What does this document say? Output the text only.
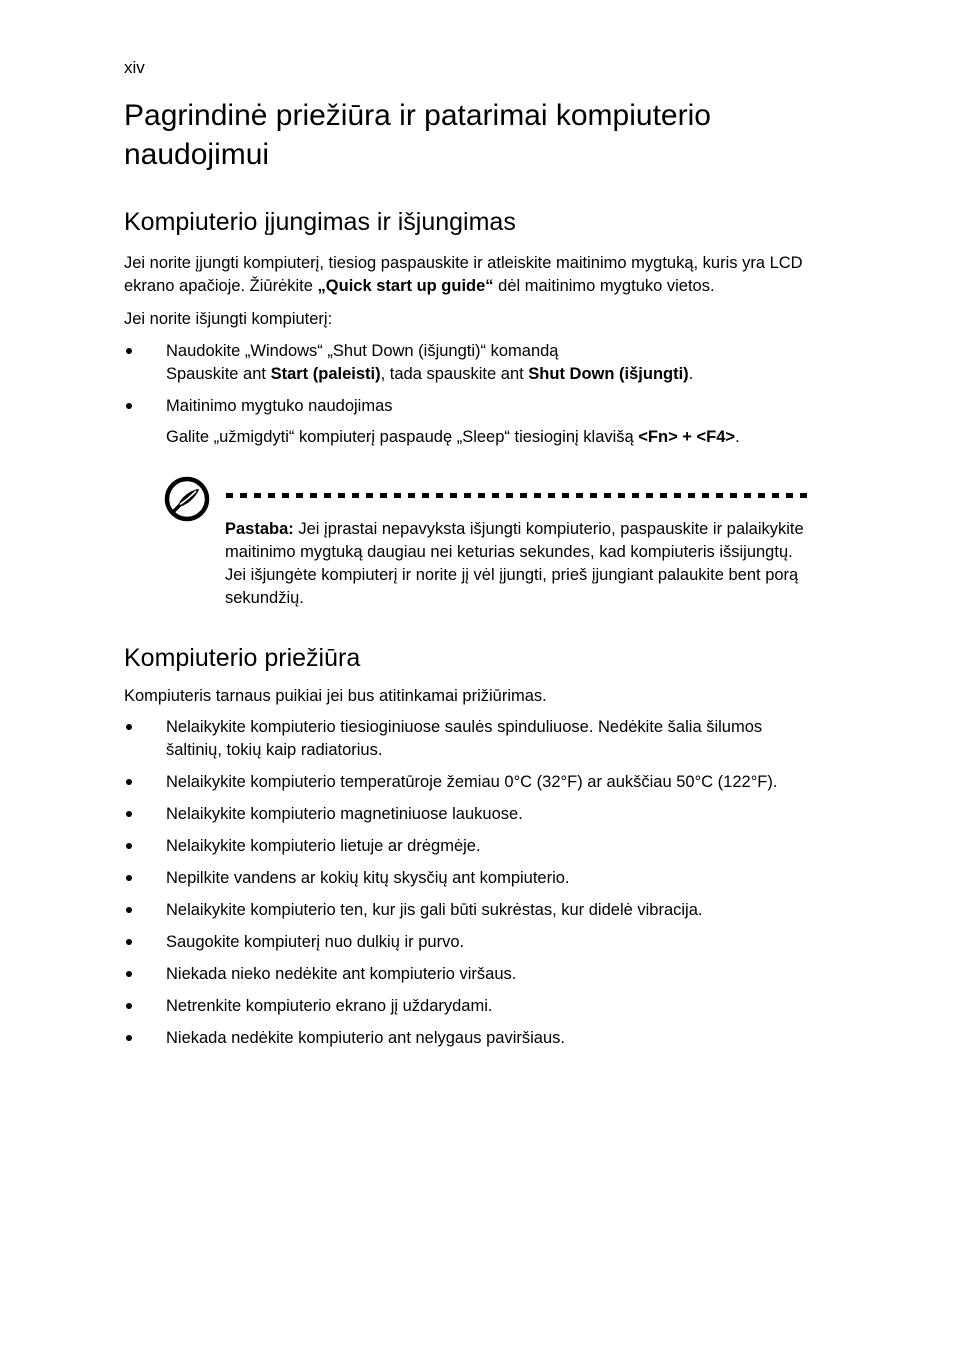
xiv
Pagrindinė priežiūra ir patarimai kompiuterio naudojimui
Kompiuterio įjungimas ir išjungimas

Jei norite įjungti kompiuterį, tiesiog paspauskite ir atleiskite maitinimo mygtuką, kuris yra LCD ekrano apačioje. Žiūrėkite „Quick start up guide“ dėl maitinimo mygtuko vietos.

Jei norite išjungti kompiuterį:

Naudokite „Windows“ „Shut Down (išjungti)“ komandą
Spauskite ant Start (paleisti), tada spauskite ant Shut Down (išjungti).
Maitinimo mygtuko naudojimas
Galite „užmigdyti“ kompiuterį paspaudę „Sleep“ tiesioginį klavišą <Fn> + <F4>.

Pastaba: Jei įprastai nepavyksta išjungti kompiuterio, paspauskite ir palaikykite maitinimo mygtuką daugiau nei keturias sekundes, kad kompiuteris išsijungtų. Jei išjungėte kompiuterį ir norite jį vėl įjungti, prieš įjungiant palaukite bent porą sekundžių.

Kompiuterio priežiūra

Kompiuteris tarnaus puikiai jei bus atitinkamai prižiūrimas.

Nelaikykite kompiuterio tiesioginiuose saulės spinduliuose. Nedėkite šalia šilumos šaltinių, tokių kaip radiatorius.
Nelaikykite kompiuterio temperatūroje žemiau 0°C (32°F) ar aukščiau 50°C (122°F).
Nelaikykite kompiuterio magnetiniuose laukuose.
Nelaikykite kompiuterio lietuje ar drėgmėje.
Nepilkite vandens ar kokių kitų skysčių ant kompiuterio.
Nelaikykite kompiuterio ten, kur jis gali būti sukrėstas, kur didelė vibracija.
Saugokite kompiuterį nuo dulkių ir purvo.
Niekada nieko nedėkite ant kompiuterio viršaus.
Netrenkite kompiuterio ekrano jį uždarydami.
Niekada nedėkite kompiuterio ant nelygaus paviršiaus.
